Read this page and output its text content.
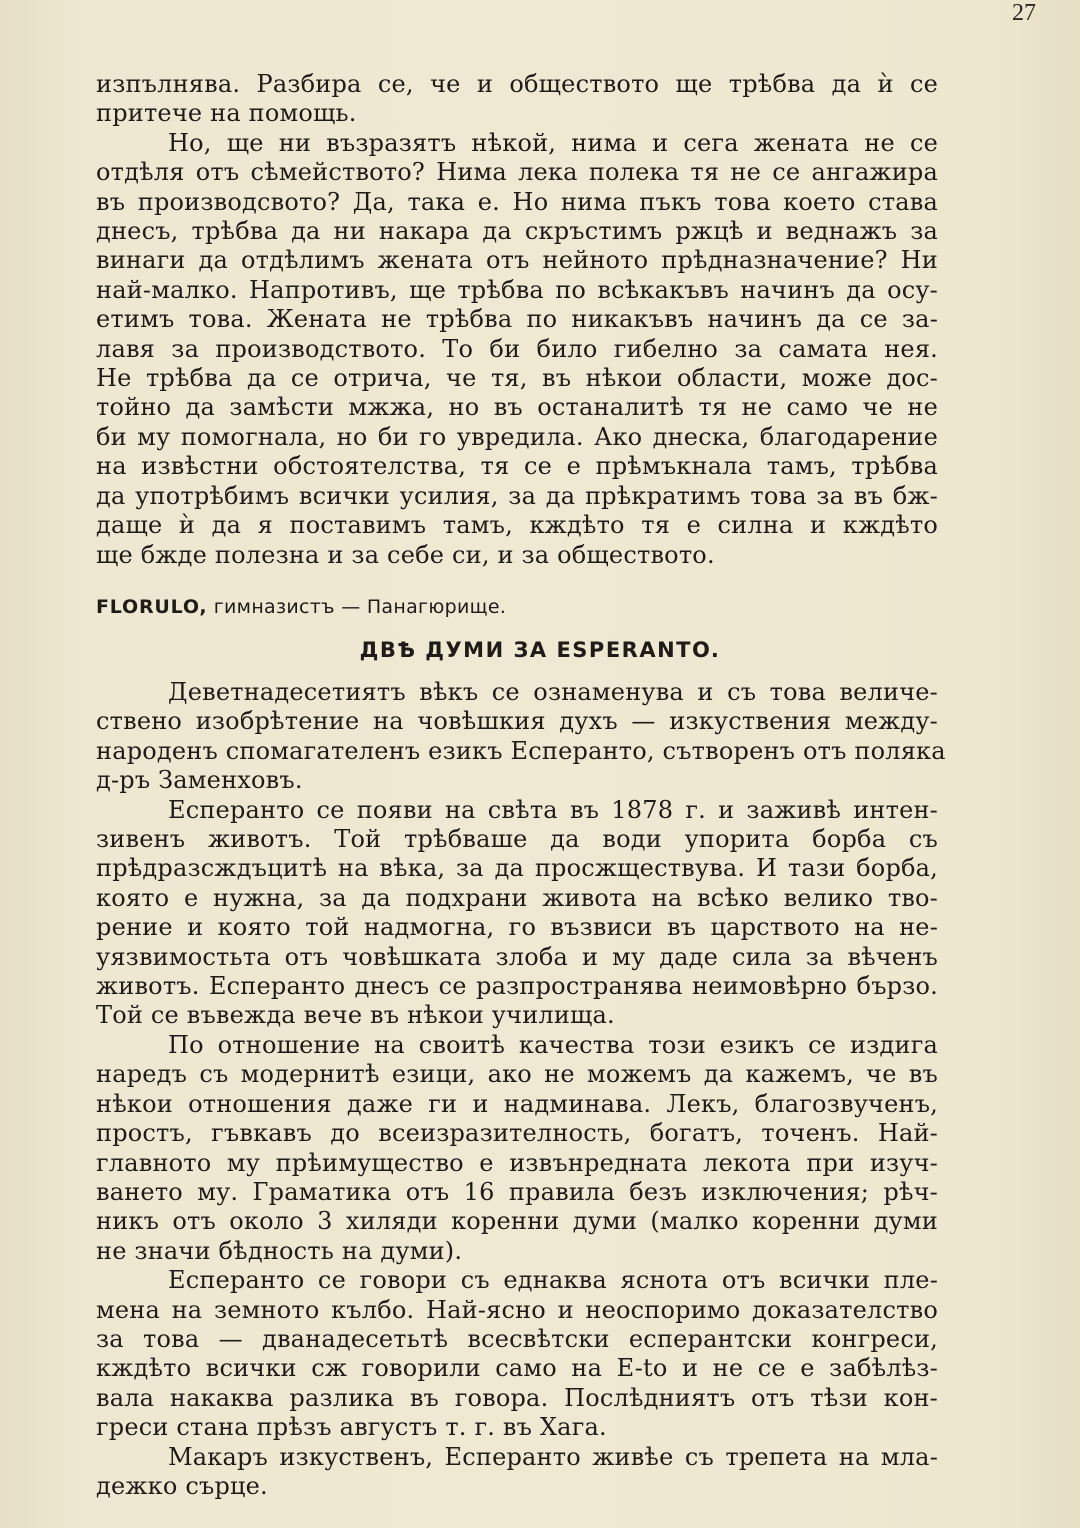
27
изпълнява. Разбира се, че и обществото ще трѣбва да ѝ се
притече на помощь.
Но, ще ни възразятъ нѣкой, нима и сега жената не се
отдѣля отъ сѣмейството? Нима лека полека тя не се ангажира
въ производсвото? Да, така е. Но нима пъкъ това което става
днесъ, трѣбва да ни накара да скръстимъ ржцѣ и веднажъ за
винаги да отдѣлимъ жената отъ нейното прѣдназначение? Ни
най-малко. Напротивъ, ще трѣбва по всѣкакъвъ начинъ да осу-
етимъ това. Жената не трѣбва по никакъвъ начинъ да се за-
лавя за производството. То би било гибелно за самата нея.
Не трѣбва да се отрича, че тя, въ нѣкои области, може дос-
тойно да замѣсти мжжа, но въ останалитѣ тя не само че не
би му помогнала, но би го увредила. Ако днеска, благодарение
на извѣстни обстоятелства, тя се е прѣмъкнала тамъ, трѣбва
да употрѣбимъ всички усилия, за да прѣкратимъ това за въ бж-
даще ѝ да я поставимъ тамъ, кждѣто тя е силна и кждѣто
ще бжде полезна и за себе си, и за обществото.
FLORULO, гимназистъ — Панагюрище.
ДВѢ ДУМИ ЗА ESPERANTO.
Деветнадесетиятъ вѣкъ се ознаменува и съ това величе-
ствено изобрѣтение на човѣшкия духъ — изкуствения между-
народенъ спомагателенъ езикъ Есперанто, сътворенъ отъ поляка
д-ръ Заменховъ.
Есперанто се появи на свѣта въ 1878 г. и заживѣ интен-
зивенъ животъ. Той трѣбваше да води упорита борба съ
прѣдразсждъцитѣ на вѣка, за да просжществува. И тази борба,
която е нужна, за да подхрани живота на всѣко велико тво-
рение и която той надмогна, го възвиси въ царството на не-
уязвимостьта отъ човѣшката злоба и му даде сила за вѣченъ
животъ. Есперанто днесъ се разпространява неимовѣрно бързо.
Той се въвежда вече въ нѣкои училища.
По отношение на своитѣ качества този езикъ се издига
наредъ съ модернитѣ езици, ако не можемъ да кажемъ, че въ
нѣкои отношения даже ги и надминава. Лекъ, благозвученъ,
простъ, гъвкавъ до всеизразителность, богатъ, точенъ. Най-
главното му прѣимущество е извънредната лекота при изуч-
ването му. Граматика отъ 16 правила безъ изключения; рѣч-
никъ отъ около 3 хиляди коренни думи (малко коренни думи
не значи бѣдность на думи).
Есперанто се говори съ еднаква яснота отъ всички пле-
мена на земното кълбо. Най-ясно и неоспоримо доказателство
за това — дванадесетьтѣ всесвѣтски есперантски конгреси,
кждѣто всички сж говорили само на E-to и не се е забѣлѣз-
вала накаква разлика въ говора. Послѣдниятъ отъ тѣзи кон-
греси стана прѣзъ августъ т. г. въ Хага.
Макаръ изкуственъ, Есперанто живѣе съ трепета на мла-
дежко сърце.
